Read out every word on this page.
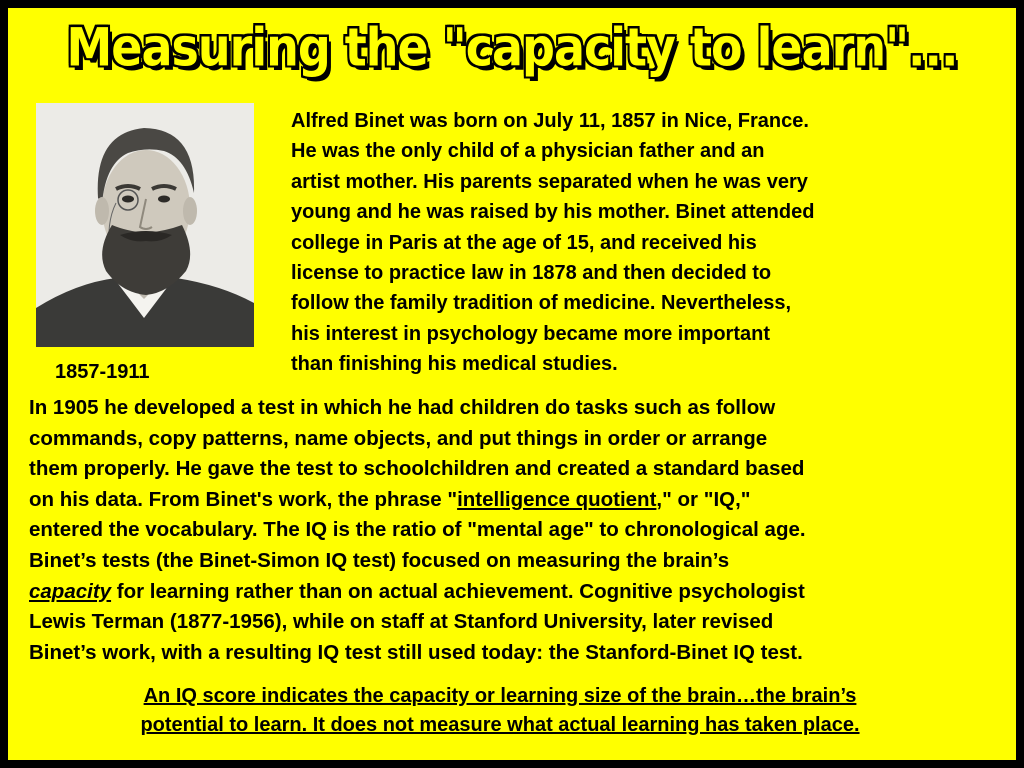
Measuring the "capacity to learn"...
1857-1911
Alfred Binet was born on July 11, 1857 in Nice, France.
He was the only child of a physician father and an
artist mother. His parents separated when he was very
young and he was raised by his mother. Binet attended
college in Paris at the age of 15, and received his
license to practice law in 1878 and then decided to
follow the family tradition of medicine. Nevertheless,
his interest in psychology became more important
than finishing his medical studies.
In 1905 he developed a test in which he had children do tasks such as follow
commands, copy patterns, name objects, and put things in order or arrange
them properly. He gave the test to schoolchildren and created a standard based
on his data. From Binet's work, the phrase "intelligence quotient," or "IQ,"
entered the vocabulary. The IQ is the ratio of "mental age" to chronological age.
Binet’s tests (the Binet-Simon IQ test) focused on measuring the brain’s
capacity for learning rather than on actual achievement. Cognitive psychologist
Lewis Terman (1877-1956), while on staff at Stanford University, later revised
Binet’s work, with a resulting IQ test still used today: the Stanford-Binet IQ test.
An IQ score indicates the capacity or learning size of the brain…the brain’s
potential to learn. It does not measure what actual learning has taken place.
